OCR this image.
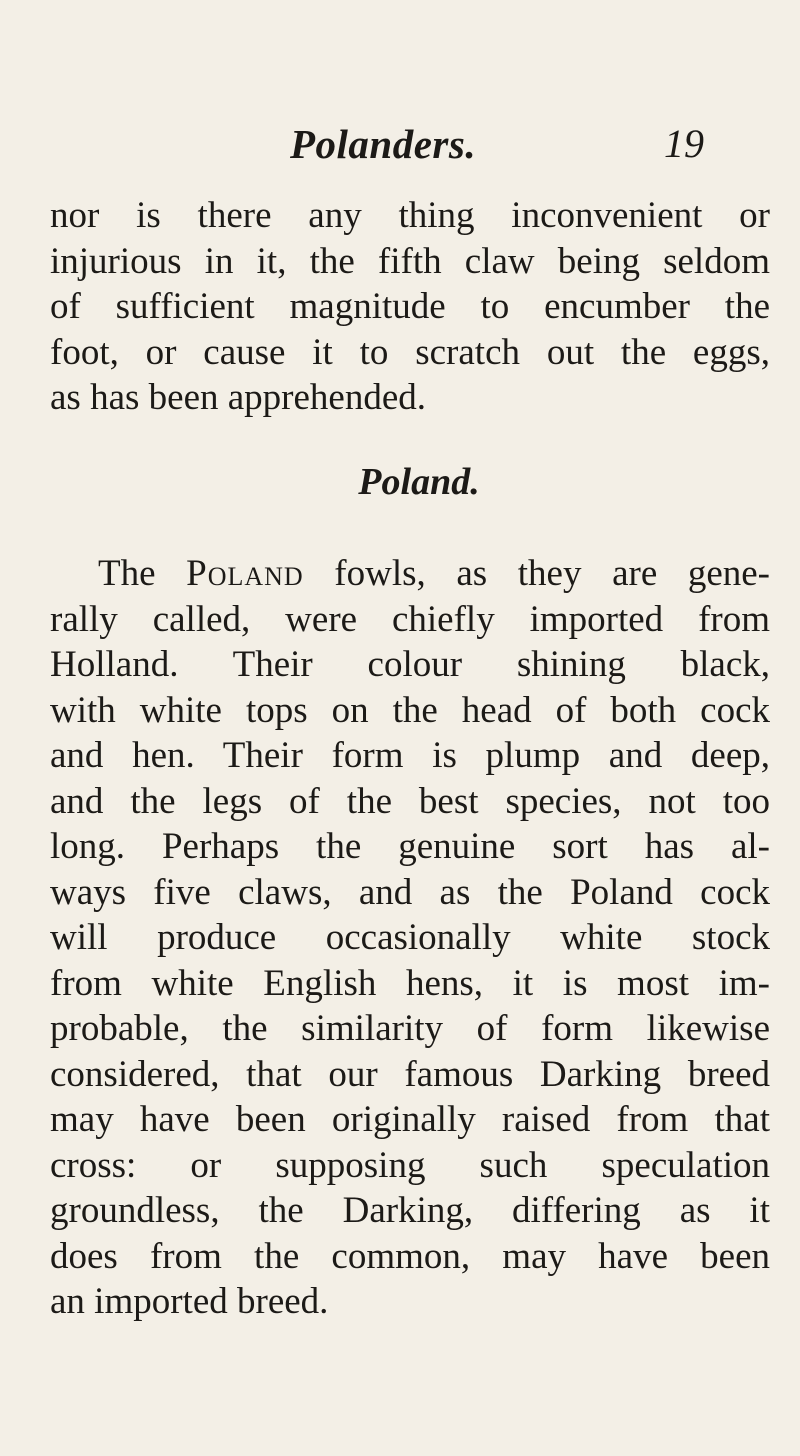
Polanders.	19
nor is there any thing inconvenient or
injurious in it, the fifth claw being seldom
of sufficient magnitude to encumber the
foot, or cause it to scratch out the eggs,
as has been apprehended.
Poland.
The Poland fowls, as they are gene-
rally called, were chiefly imported from
Holland. Their colour shining black,
with white tops on the head of both cock
and hen. Their form is plump and deep,
and the legs of the best species, not too
long. Perhaps the genuine sort has al-
ways five claws, and as the Poland cock
will produce occasionally white stock
from white English hens, it is most im-
probable, the similarity of form likewise
considered, that our famous Darking breed
may have been originally raised from that
cross: or supposing such speculation
groundless, the Darking, differing as it
does from the common, may have been
an imported breed.
